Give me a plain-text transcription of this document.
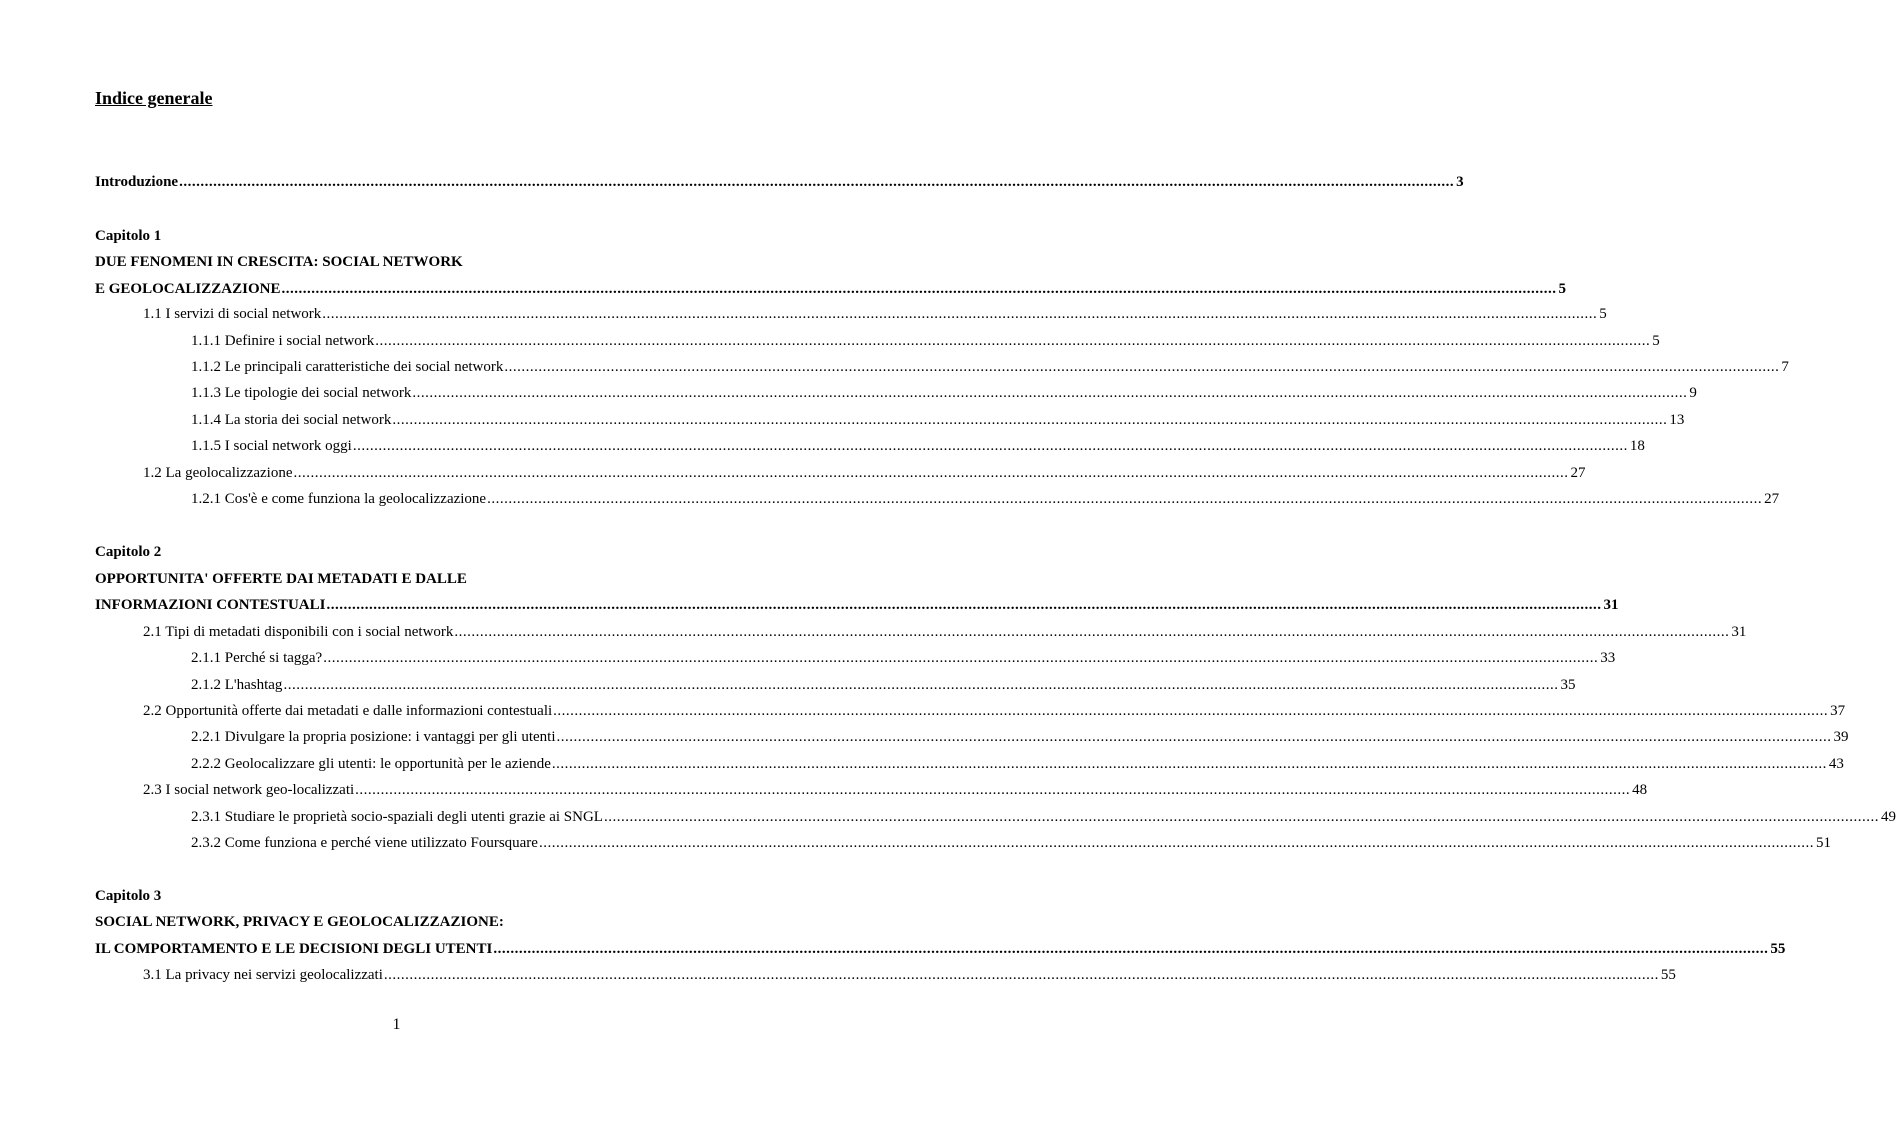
Indice generale
Introduzione ............................................................................................................................................................................................................................................................................................................ 3
Capitolo 1
DUE FENOMENI IN CRESCITA: SOCIAL NETWORK
E GEOLOCALIZZAZIONE ............................................................................................................................................................................................................................................................................................................ 5
1.1 I servizi di social network ............................................................................................................................................................................................................................................................................................................ 5
1.1.1 Definire i social network ............................................................................................................................................................................................................................................................................................................ 5
1.1.2 Le principali caratteristiche dei social network ............................................................................................................................................................................................................................................................................................................ 7
1.1.3 Le tipologie dei social network ............................................................................................................................................................................................................................................................................................................ 9
1.1.4 La storia dei social network ............................................................................................................................................................................................................................................................................................................ 13
1.1.5 I social network oggi ............................................................................................................................................................................................................................................................................................................ 18
1.2 La geolocalizzazione ............................................................................................................................................................................................................................................................................................................ 27
1.2.1 Cos'è e come funziona la geolocalizzazione ............................................................................................................................................................................................................................................................................................................ 27
Capitolo 2
OPPORTUNITA' OFFERTE DAI METADATI E DALLE
INFORMAZIONI CONTESTUALI ............................................................................................................................................................................................................................................................................................................ 31
2.1 Tipi di metadati disponibili con i social network ............................................................................................................................................................................................................................................................................................................ 31
2.1.1 Perché si tagga? ............................................................................................................................................................................................................................................................................................................ 33
2.1.2 L'hashtag ............................................................................................................................................................................................................................................................................................................ 35
2.2 Opportunità offerte dai metadati e dalle informazioni contestuali ............................................................................................................................................................................................................................................................................................................ 37
2.2.1 Divulgare la propria posizione: i vantaggi per gli utenti ............................................................................................................................................................................................................................................................................................................ 39
2.2.2 Geolocalizzare gli utenti: le opportunità per le aziende ............................................................................................................................................................................................................................................................................................................ 43
2.3 I social network geo-localizzati ............................................................................................................................................................................................................................................................................................................ 48
2.3.1 Studiare le proprietà socio-spaziali degli utenti grazie ai SNGL ............................................................................................................................................................................................................................................................................................................ 49
2.3.2 Come funziona e perché viene utilizzato Foursquare ............................................................................................................................................................................................................................................................................................................ 51
Capitolo 3
SOCIAL NETWORK, PRIVACY E GEOLOCALIZZAZIONE:
IL COMPORTAMENTO E LE DECISIONI DEGLI UTENTI ............................................................................................................................................................................................................................................................................................................ 55
3.1 La privacy nei servizi geolocalizzati ............................................................................................................................................................................................................................................................................................................ 55
1
